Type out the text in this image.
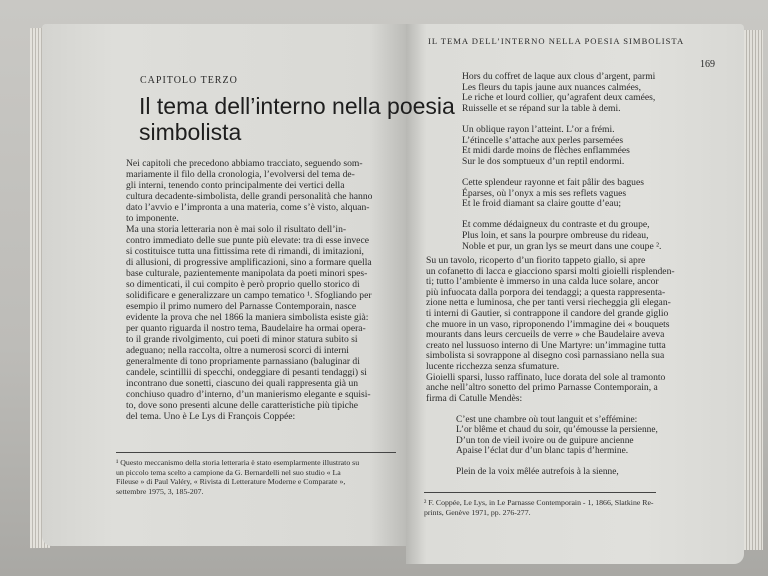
CAPITOLO TERZO
Il tema dell’interno nella poesia
simbolista
Nei capitoli che precedono abbiamo tracciato, seguendo som-
mariamente il filo della cronologia, l’evolversi del tema de-
gli interni, tenendo conto principalmente dei vertici della
cultura decadente-simbolista, delle grandi personalità che hanno
dato l’avvio e l’impronta a una materia, come s’è visto, alquan-
to imponente.
Ma una storia letteraria non è mai solo il risultato dell’in-
contro immediato delle sue punte più elevate: tra di esse invece
si costituisce tutta una fittissima rete di rimandi, di imitazioni,
di allusioni, di progressive amplificazioni, sino a formare quella
base culturale, pazientemente manipolata da poeti minori spes-
so dimenticati, il cui compito è però proprio quello storico di
solidificare e generalizzare un campo tematico ¹. Sfogliando per
esempio il primo numero del Parnasse Contemporain, nasce
evidente la prova che nel 1866 la maniera simbolista esiste già:
per quanto riguarda il nostro tema, Baudelaire ha ormai opera-
to il grande rivolgimento, cui poeti di minor statura subito si
adeguano; nella raccolta, oltre a numerosi scorci di interni
generalmente di tono propriamente parnassiano (baluginar di
candele, scintillii di specchi, ondeggiare di pesanti tendaggi) si
incontrano due sonetti, ciascuno dei quali rappresenta già un
conchiuso quadro d’interno, d’un manierismo elegante e squisi-
to, dove sono presenti alcune delle caratteristiche più tipiche
del tema. Uno è Le Lys di François Coppée:
¹ Questo meccanismo della storia letteraria è stato esemplarmente illustrato su
un piccolo tema scelto a campione da G. Bernardelli nel suo studio « La
Fileuse » di Paul Valéry, « Rivista di Letterature Moderne e Comparate »,
settembre 1975, 3, 185-207.
IL TEMA DELL’INTERNO NELLA POESIA SIMBOLISTA
169
Hors du coffret de laque aux clous d’argent, parmi
Les fleurs du tapis jaune aux nuances calmées,
Le riche et lourd collier, qu’agrafent deux camées,
Ruisselle et se répand sur la table à demi.
Un oblique rayon l’atteint. L’or a frémi.
L’étincelle s’attache aux perles parsemées
Et midi darde moins de flèches enflammées
Sur le dos somptueux d’un reptil endormi.
Cette splendeur rayonne et fait pâlir des bagues
Éparses, où l’onyx a mis ses reflets vagues
Et le froid diamant sa claire goutte d’eau;
Et comme dédaigneux du contraste et du groupe,
Plus loin, et sans la pourpre ombreuse du rideau,
Noble et pur, un gran lys se meurt dans une coupe ².
Su un tavolo, ricoperto d’un fiorito tappeto giallo, si apre
un cofanetto di lacca e giacciono sparsi molti gioielli risplenden-
ti; tutto l’ambiente è immerso in una calda luce solare, ancor
più infuocata dalla porpora dei tendaggi; a questa rappresenta-
zione netta e luminosa, che per tanti versi riecheggia gli elegan-
ti interni di Gautier, si contrappone il candore del grande giglio
che muore in un vaso, riproponendo l’immagine dei « bouquets
mourants dans leurs cercueils de verre » che Baudelaire aveva
creato nel lussuoso interno di Une Martyre: un’immagine tutta
simbolista si sovrappone al disegno così parnassiano nella sua
lucente ricchezza senza sfumature.
Gioielli sparsi, lusso raffinato, luce dorata del sole al tramonto
anche nell’altro sonetto del primo Parnasse Contemporain, a
firma di Catulle Mendès:
C’est une chambre où tout languit et s’effémine:
L’or blême et chaud du soir, qu’émousse la persienne,
D’un ton de vieil ivoire ou de guipure ancienne
Apaise l’éclat dur d’un blanc tapis d’hermine.
Plein de la voix mêlée autrefois à la sienne,
² F. Coppée, Le Lys, in Le Parnasse Contemporain - 1, 1866, Slatkine Re-
prints, Genève 1971, pp. 276-277.
